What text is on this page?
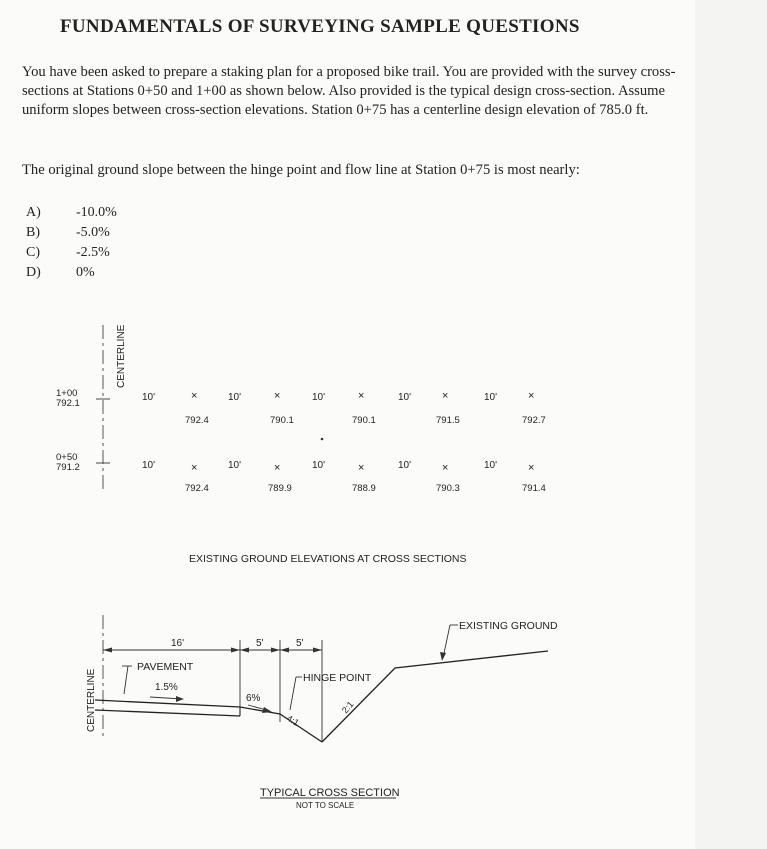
FUNDAMENTALS OF SURVEYING SAMPLE QUESTIONS
You have been asked to prepare a staking plan for a proposed bike trail. You are provided with the survey cross-sections at Stations 0+50 and 1+00 as shown below. Also provided is the typical design cross-section. Assume uniform slopes between cross-section elevations. Station 0+75 has a centerline design elevation of 785.0 ft.
The original ground slope between the hinge point and flow line at Station 0+75 is most nearly:
A)	-10.0%
B)	-5.0%
C)	-2.5%
D)	0%
CENTERLINE
1+00
792.1
10'	10'	10'	10'	10'
×	×	×	×	×
792.4	790.1	790.1	791.5	792.7
0+50
791.2	10'	10'	10'	10'	10'
×	×	×	×	×
792.4	789.9	788.9	790.3	791.4
EXISTING GROUND ELEVATIONS AT CROSS SECTIONS
CENTERLINE
16'	5'	5'
PAVEMENT
1.5%
6%
HINGE POINT
4:1
2:1
EXISTING GROUND
TYPICAL CROSS SECTION
NOT TO SCALE
